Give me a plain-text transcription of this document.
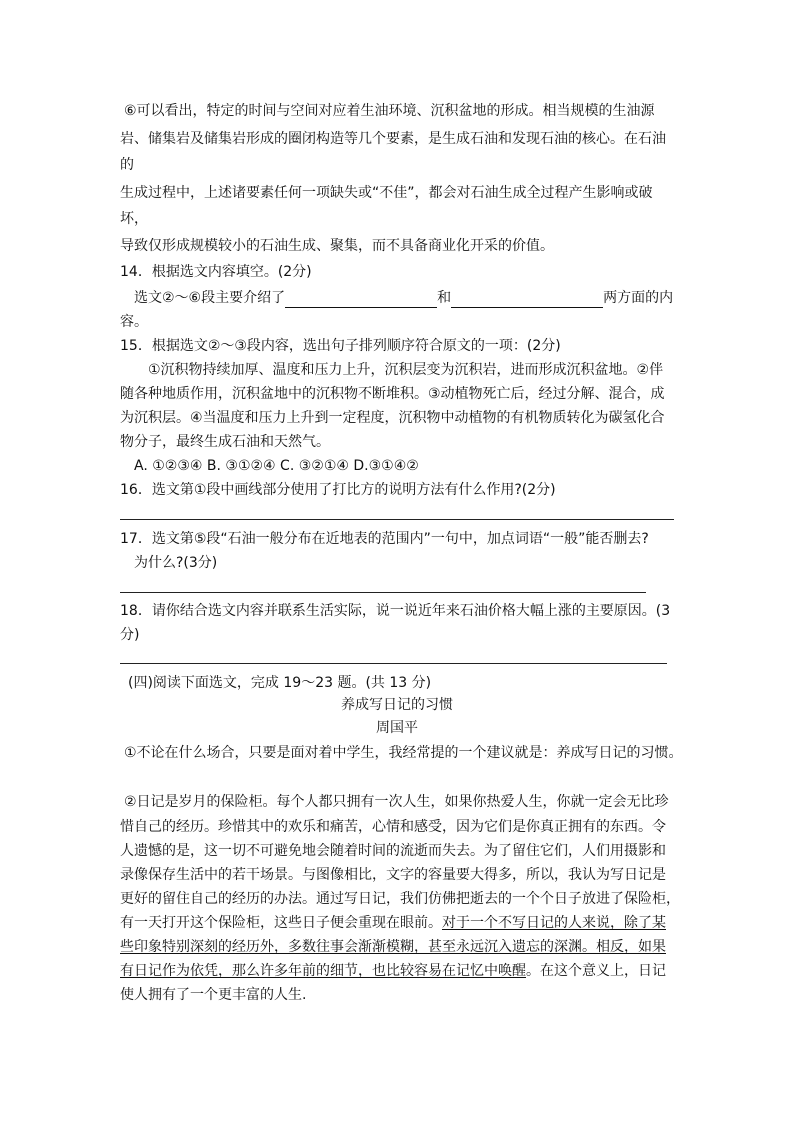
⑥可以看出，特定的时间与空间对应着生油环境、沉积盆地的形成。相当规模的生油源
岩、储集岩及储集岩形成的圈闭构造等几个要素，是生成石油和发现石油的核心。在石油
的
生成过程中，上述诸要素任何一项缺失或“不佳”，都会对石油生成全过程产生影响或破
坏，
导致仅形成规模较小的石油生成、聚集，而不具备商业化开采的价值。
14．根据选文内容填空。(2分)
选文②～⑥段主要介绍了	和	两方面的内
容。
15．根据选文②～③段内容，选出句子排列顺序符合原文的一项：(2分)
①沉积物持续加厚、温度和压力上升，沉积层变为沉积岩，进而形成沉积盆地。②伴
随各种地质作用，沉积盆地中的沉积物不断堆积。③动植物死亡后，经过分解、混合，成
为沉积层。④当温度和压力上升到一定程度，沉积物中动植物的有机物质转化为碳氢化合
物分子，最终生成石油和天然气。
A. ①②③④ B. ③①②④ C. ③②①④ D.③①④②
16．选文第①段中画线部分使用了打比方的说明方法有什么作用?(2分)
17．选文第⑤段“石油一般分布在近地表的范围内”一句中，加点词语“一般”能否删去?
为什么?(3分)
18．请你结合选文内容并联系生活实际，说一说近年来石油价格大幅上涨的主要原因。(3
分)
(四)阅读下面选文，完成 19～23 题。(共 13 分)
养成写日记的习惯
周国平
①不论在什么场合，只要是面对着中学生，我经常提的一个建议就是：养成写日记的习惯。
②日记是岁月的保险柜。每个人都只拥有一次人生，如果你热爱人生，你就一定会无比珍
惜自己的经历。珍惜其中的欢乐和痛苦，心情和感受，因为它们是你真正拥有的东西。令
人遗憾的是，这一切不可避免地会随着时间的流逝而失去。为了留住它们，人们用摄影和
录像保存生活中的若干场景。与图像相比，文字的容量要大得多，所以，我认为写日记是
更好的留住自己的经历的办法。通过写日记，我们仿佛把逝去的一个个日子放进了保险柜，
有一天打开这个保险柜，这些日子便会重现在眼前。对于一个不写日记的人来说，除了某
些印象特别深刻的经历外，多数往事会渐渐模糊，甚至永远沉入遗忘的深渊。相反，如果
有日记作为依凭，那么许多年前的细节，也比较容易在记忆中唤醒。在这个意义上，日记
使人拥有了一个更丰富的人生.
